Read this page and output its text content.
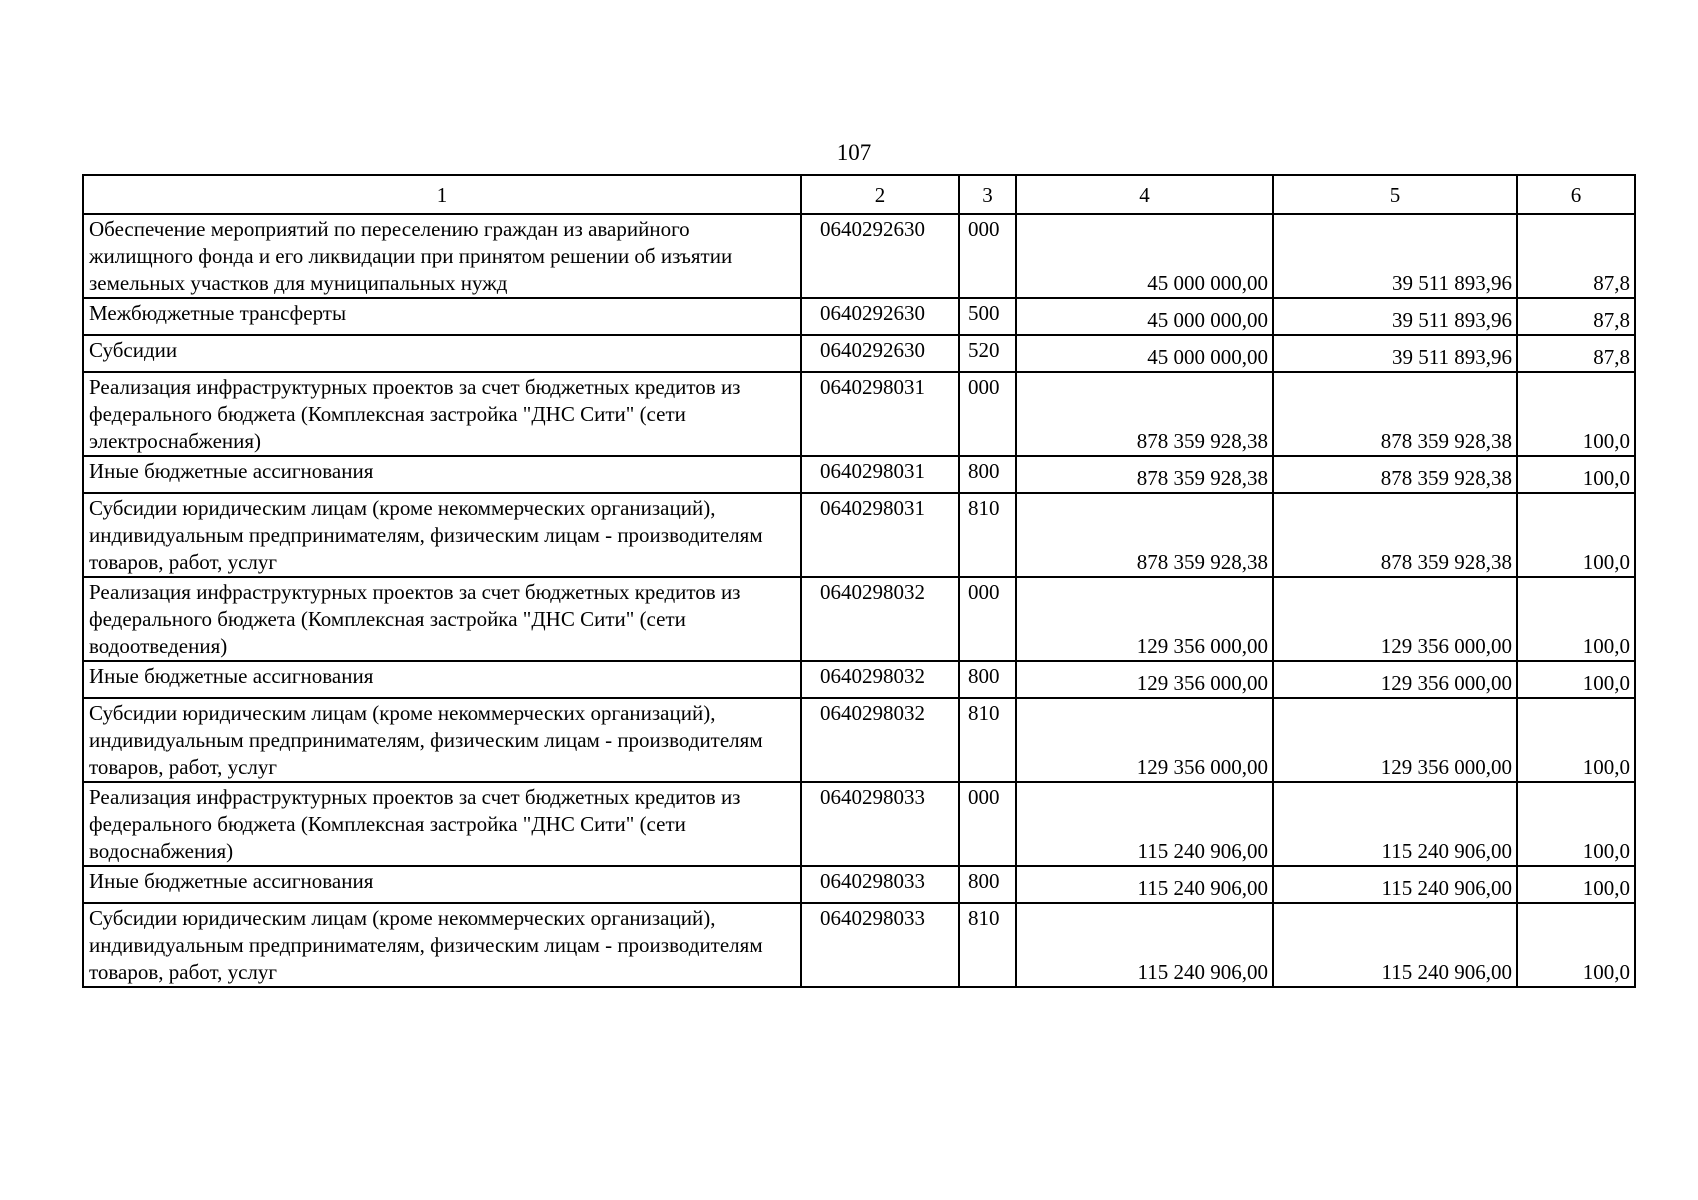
107
1	2	3	4	5	6
Обеспечение мероприятий по переселению граждан из аварийного жилищного фонда и его ликвидации при принятом решении об изъятии земельных участков для муниципальных нужд	0640292630	000	45 000 000,00	39 511 893,96	87,8
Межбюджетные трансферты	0640292630	500	45 000 000,00	39 511 893,96	87,8
Субсидии	0640292630	520	45 000 000,00	39 511 893,96	87,8
Реализация инфраструктурных проектов за счет бюджетных кредитов из федерального бюджета (Комплексная застройка "ДНС Сити" (сети электроснабжения)	0640298031	000	878 359 928,38	878 359 928,38	100,0
Иные бюджетные ассигнования	0640298031	800	878 359 928,38	878 359 928,38	100,0
Субсидии юридическим лицам (кроме некоммерческих организаций), индивидуальным предпринимателям, физическим лицам - производителям товаров, работ, услуг	0640298031	810	878 359 928,38	878 359 928,38	100,0
Реализация инфраструктурных проектов за счет бюджетных кредитов из федерального бюджета (Комплексная застройка "ДНС Сити" (сети водоотведения)	0640298032	000	129 356 000,00	129 356 000,00	100,0
Иные бюджетные ассигнования	0640298032	800	129 356 000,00	129 356 000,00	100,0
Субсидии юридическим лицам (кроме некоммерческих организаций), индивидуальным предпринимателям, физическим лицам - производителям товаров, работ, услуг	0640298032	810	129 356 000,00	129 356 000,00	100,0
Реализация инфраструктурных проектов за счет бюджетных кредитов из федерального бюджета (Комплексная застройка "ДНС Сити" (сети водоснабжения)	0640298033	000	115 240 906,00	115 240 906,00	100,0
Иные бюджетные ассигнования	0640298033	800	115 240 906,00	115 240 906,00	100,0
Субсидии юридическим лицам (кроме некоммерческих организаций), индивидуальным предпринимателям, физическим лицам - производителям товаров, работ, услуг	0640298033	810	115 240 906,00	115 240 906,00	100,0
